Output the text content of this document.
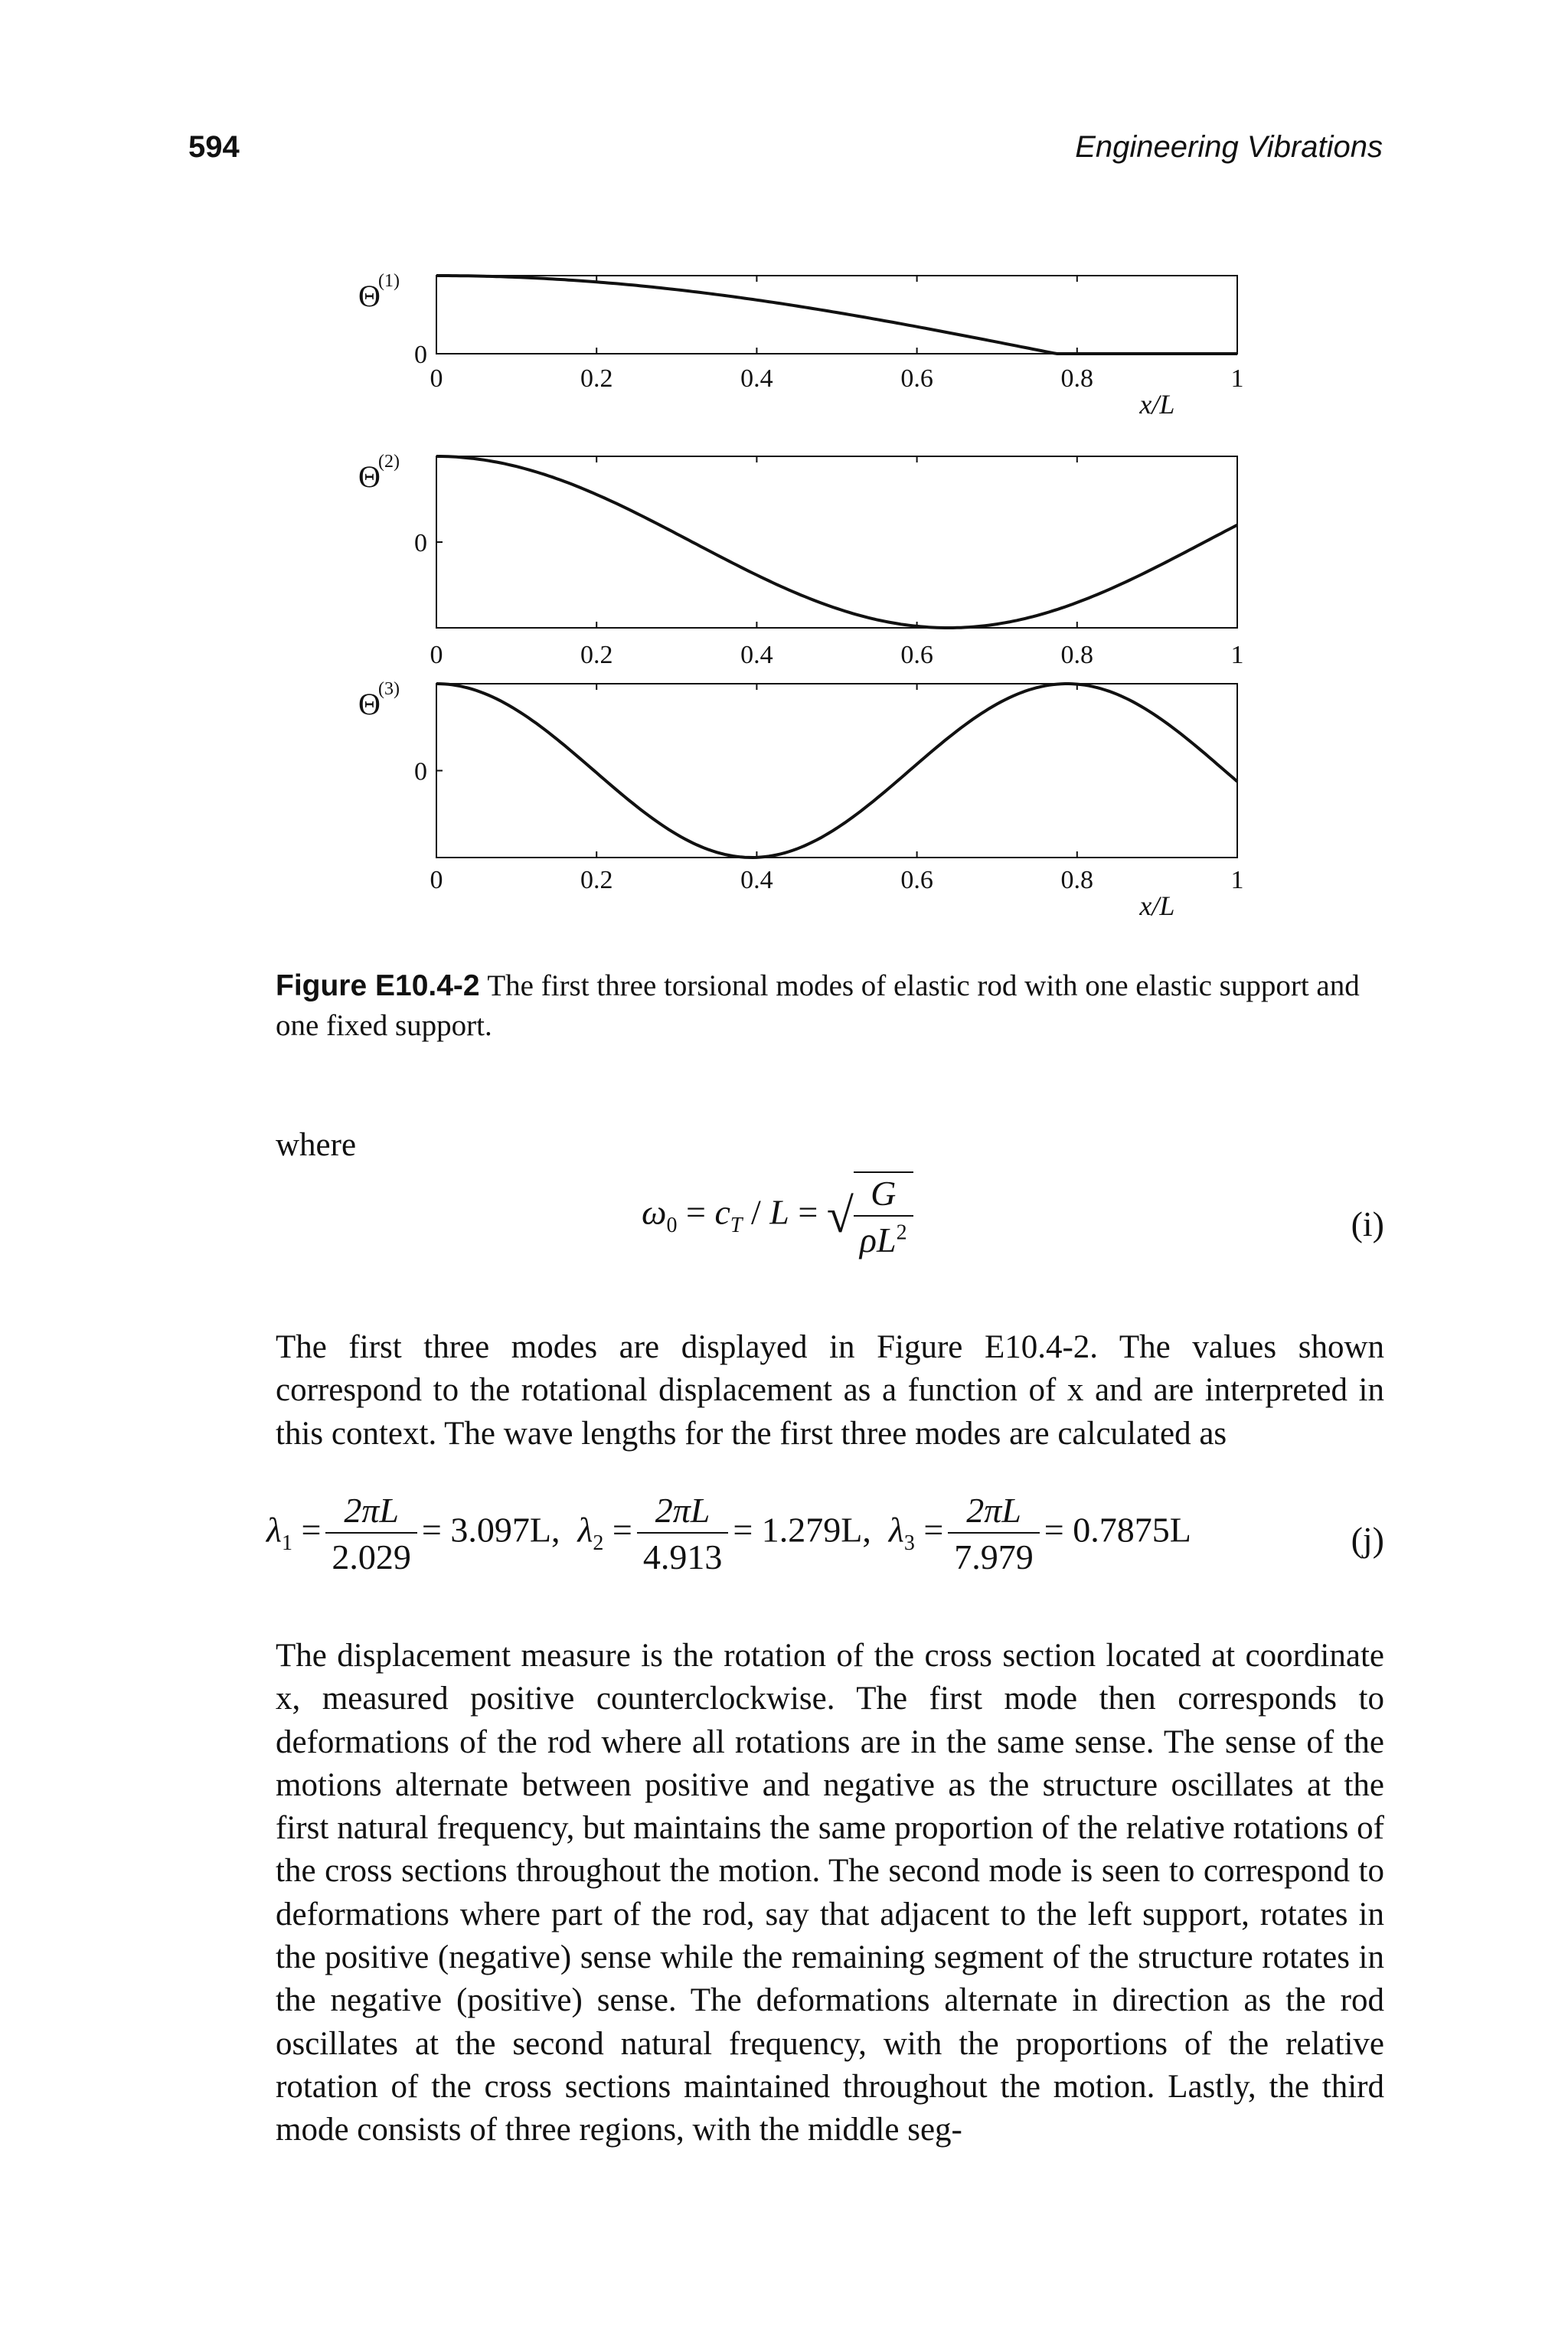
594	Engineering Vibrations
0	0.2	0.4	0.6	0.8	1
0
Θ
(1)
x/L
0	0.2	0.4	0.6	0.8	1
0
Θ
(2)
0	0.2	0.4	0.6	0.8	1
0
Θ
(3)
x/L
Figure E10.4-2 The first three torsional modes of elastic rod with one elastic support and one fixed support.
where
$\omega_0 = c_T / L$ = √ $\frac{G}{\rho L^2}$	(i)
The first three modes are displayed in Figure E10.4-2. The values shown correspond to the rotational displacement as a function of x and are interpreted in this context. The wave lengths for the first three modes are calculated as
$\lambda_1 = \frac{2\pi L}{2.029} = 3.097L$,  $\lambda_2 = \frac{2\pi L}{4.913} = 1.279L$,  $\lambda_3 = \frac{2\pi L}{7.979} = 0.7875L$	(j)
The displacement measure is the rotation of the cross section located at coordinate x, measured positive counterclockwise. The first mode then corresponds to deformations of the rod where all rotations are in the same sense. The sense of the motions alternate between positive and negative as the structure oscillates at the first natural frequency, but maintains the same proportion of the relative rotations of the cross sections throughout the motion. The second mode is seen to correspond to deformations where part of the rod, say that adjacent to the left support, rotates in the positive (negative) sense while the remaining segment of the structure rotates in the negative (positive) sense. The deformations alternate in direction as the rod oscillates at the second natural frequency, with the proportions of the relative rotation of the cross sections maintained throughout the motion. Lastly, the third mode consists of three regions, with the middle seg-
